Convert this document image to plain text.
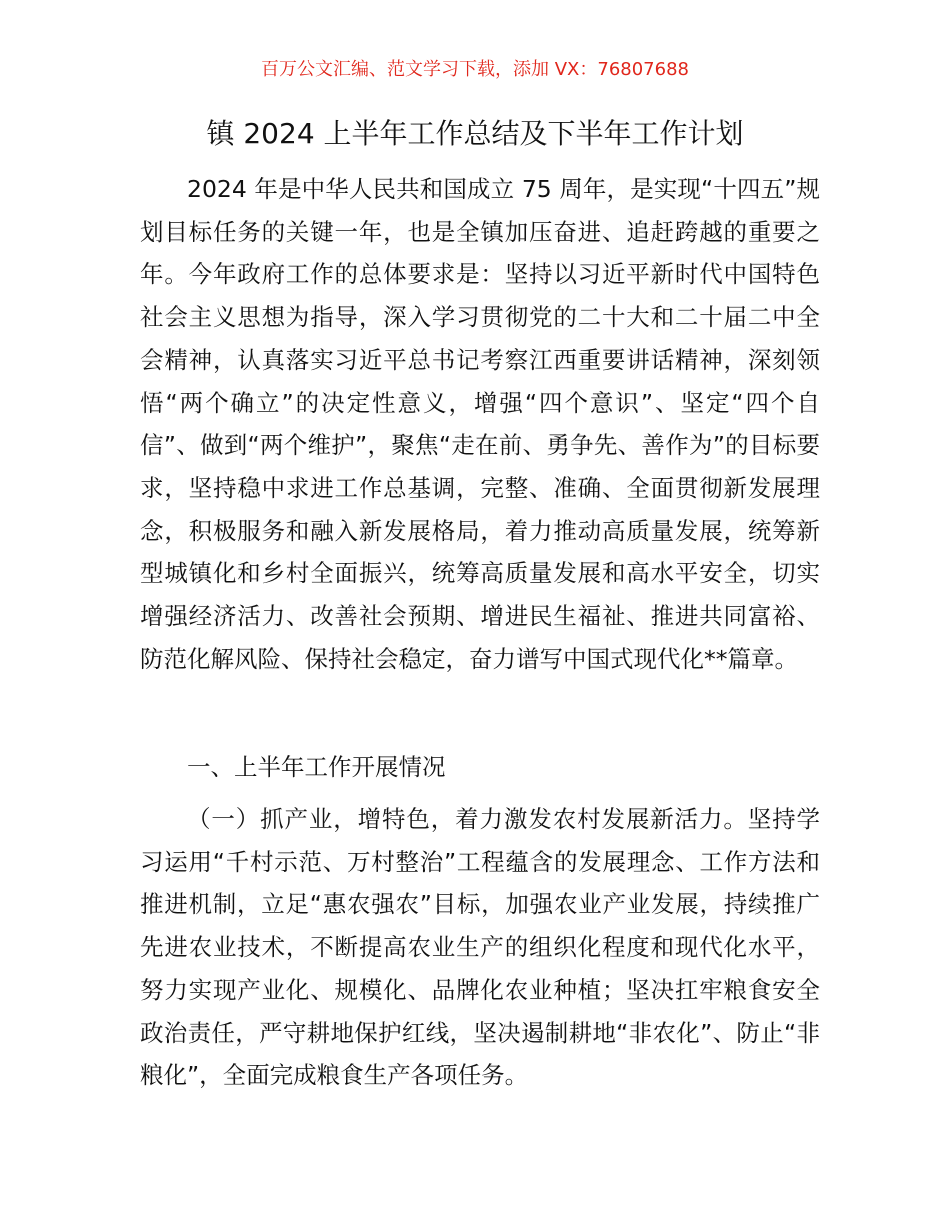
百万公文汇编、范文学习下载，添加 VX：76807688
镇 2024 上半年工作总结及下半年工作计划

2024 年是中华人民共和国成立 75 周年，是实现“十四五”规划目标任务的关键一年，也是全镇加压奋进、追赶跨越的重要之年。今年政府工作的总体要求是：坚持以习近平新时代中国特色社会主义思想为指导，深入学习贯彻党的二十大和二十届二中全会精神，认真落实习近平总书记考察江西重要讲话精神，深刻领悟“两个确立”的决定性意义，增强“四个意识”、坚定“四个自信”、做到“两个维护”，聚焦“走在前、勇争先、善作为”的目标要求，坚持稳中求进工作总基调，完整、准确、全面贯彻新发展理念，积极服务和融入新发展格局，着力推动高质量发展，统筹新型城镇化和乡村全面振兴，统筹高质量发展和高水平安全，切实增强经济活力、改善社会预期、增进民生福祉、推进共同富裕、防范化解风险、保持社会稳定，奋力谱写中国式现代化**篇章。

一、上半年工作开展情况

（一）抓产业，增特色，着力激发农村发展新活力。坚持学习运用“千村示范、万村整治”工程蕴含的发展理念、工作方法和推进机制，立足“惠农强农”目标，加强农业产业发展，持续推广先进农业技术，不断提高农业生产的组织化程度和现代化水平，努力实现产业化、规模化、品牌化农业种植；坚决扛牢粮食安全政治责任，严守耕地保护红线，坚决遏制耕地“非农化”、防止“非粮化”，全面完成粮食生产各项任务。
